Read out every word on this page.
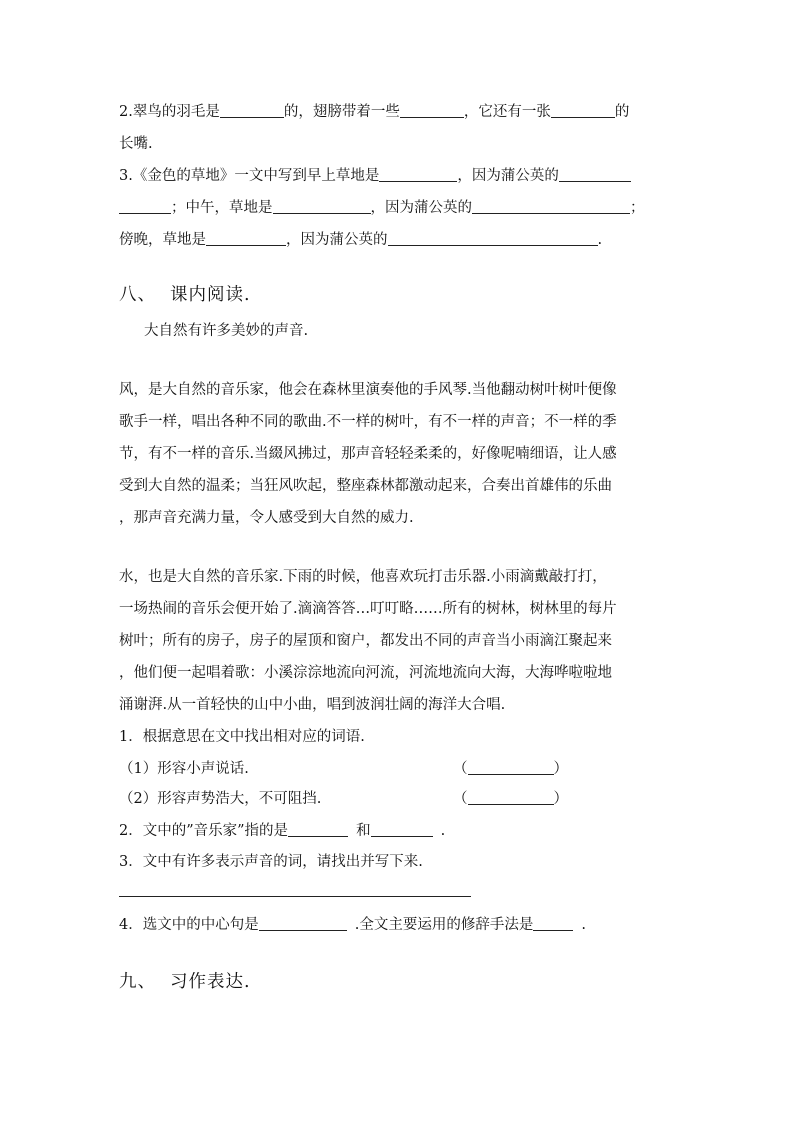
2.翠鸟的羽毛是	的，翅膀带着一些	，它还有一张	的
长嘴.
3.《金色的草地》一文中写到早上草地是	，因为蒲公英的
；中午，草地是	，因为蒲公英的	；
傍晚，草地是	，因为蒲公英的	.
八、 课内阅读.
大自然有许多美妙的声音.
风，是大自然的音乐家，他会在森林里演奏他的手风琴.当他翻动树叶树叶便像
歌手一样，唱出各种不同的歌曲.不一样的树叶，有不一样的声音；不一样的季
节，有不一样的音乐.当綴风拂过，那声音轻轻柔柔的，好像呢喃细语，让人感
受到大自然的温柔；当狂风吹起，整座森林都激动起来，合奏出首雄伟的乐曲
，那声音充满力量，令人感受到大自然的威力.
水，也是大自然的音乐家.下雨的时候，他喜欢玩打击乐器.小雨滴戴敲打打，
一场热闹的音乐会便开始了.滴滴答答…叮叮略……所有的树林，树林里的每片
树叶；所有的房子，房子的屋顶和窗户，都发出不同的声音当小雨滴江聚起来
，他们便一起唱着歌：小溪淙淙地流向河流，河流地流向大海，大海哗啦啦地
涌谢湃.从一首轻快的山中小曲，唱到波润壮阔的海洋大合唱.
1．根据意思在文中找出相对应的词语.
（1）形容小声说话.	（	）
（2）形容声势浩大，不可阻挡.	（	）
2．文中的”音乐家”指的是	和	.
3．文中有许多表示声音的词，请找出并写下来.
4．选文中的中心句是	.全文主要运用的修辞手法是	.
九、 习作表达.
